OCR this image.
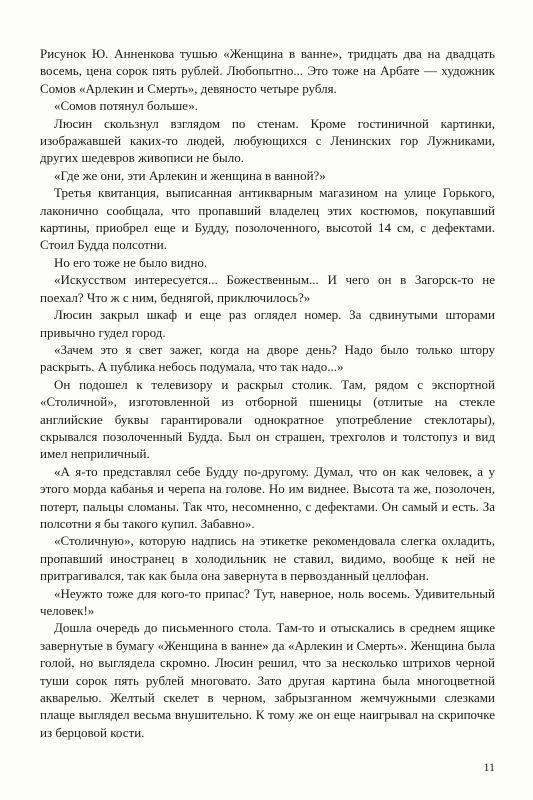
Рисунок Ю. Анненкова тушью «Женщина в ванне», тридцать два на двадцать восемь, цена сорок пять рублей. Любопытно... Это тоже на Арбате — художник Сомов «Арлекин и Смерть», девяносто четыре рубля.

«Сомов потянул больше».

Люсин скользнул взглядом по стенам. Кроме гостиничной картинки, изображавшей каких-то людей, любующихся с Ленинских гор Лужниками, других шедевров живописи не было.

«Где же они, эти Арлекин и женщина в ванной?»

Третья квитанция, выписанная антикварным магазином на улице Горького, лаконично сообщала, что пропавший владелец этих костюмов, покупавший картины, приобрел еще и Будду, позолоченного, высотой 14 см, с дефектами. Стоил Будда полсотни.

Но его тоже не было видно.

«Искусством интересуется... Божественным... И чего он в Загорск-то не поехал? Что ж с ним, беднягой, приключилось?»

Люсин закрыл шкаф и еще раз оглядел номер. За сдвинутыми шторами привычно гудел город.

«Зачем это я свет зажег, когда на дворе день? Надо было только штору раскрыть. А публика небось подумала, что так надо...»

Он подошел к телевизору и раскрыл столик. Там, рядом с экспортной «Столичной», изготовленной из отборной пшеницы (отлитые на стекле английские буквы гарантировали однократное употребление стеклотары), скрывался позолоченный Будда. Был он страшен, трехголов и толстопуз и вид имел неприличный.

«А я-то представлял себе Будду по-другому. Думал, что он как человек, а у этого морда кабанья и черепа на голове. Но им виднее. Высота та же, позолочен, потерт, пальцы сломаны. Так что, несомненно, с дефектами. Он самый и есть. За полсотни я бы такого купил. Забавно».

«Столичную», которую надпись на этикетке рекомендовала слегка охладить, пропавший иностранец в холодильник не ставил, видимо, вообще к ней не притрагивался, так как была она завернута в первозданный целлофан.

«Неужто тоже для кого-то припас? Тут, наверное, ноль восемь. Удивительный человек!»

Дошла очередь до письменного стола. Там-то и отыскались в среднем ящике завернутые в бумагу «Женщина в ванне» да «Арлекин и Смерть». Женщина была голой, но выглядела скромно. Люсин решил, что за несколько штрихов черной туши сорок пять рублей многовато. Зато другая картина была многоцветной акварелью. Желтый скелет в черном, забрызганном жемчужными слезками плаще выглядел весьма внушительно. К тому же он еще наигрывал на скрипочке из берцовой кости.

11
